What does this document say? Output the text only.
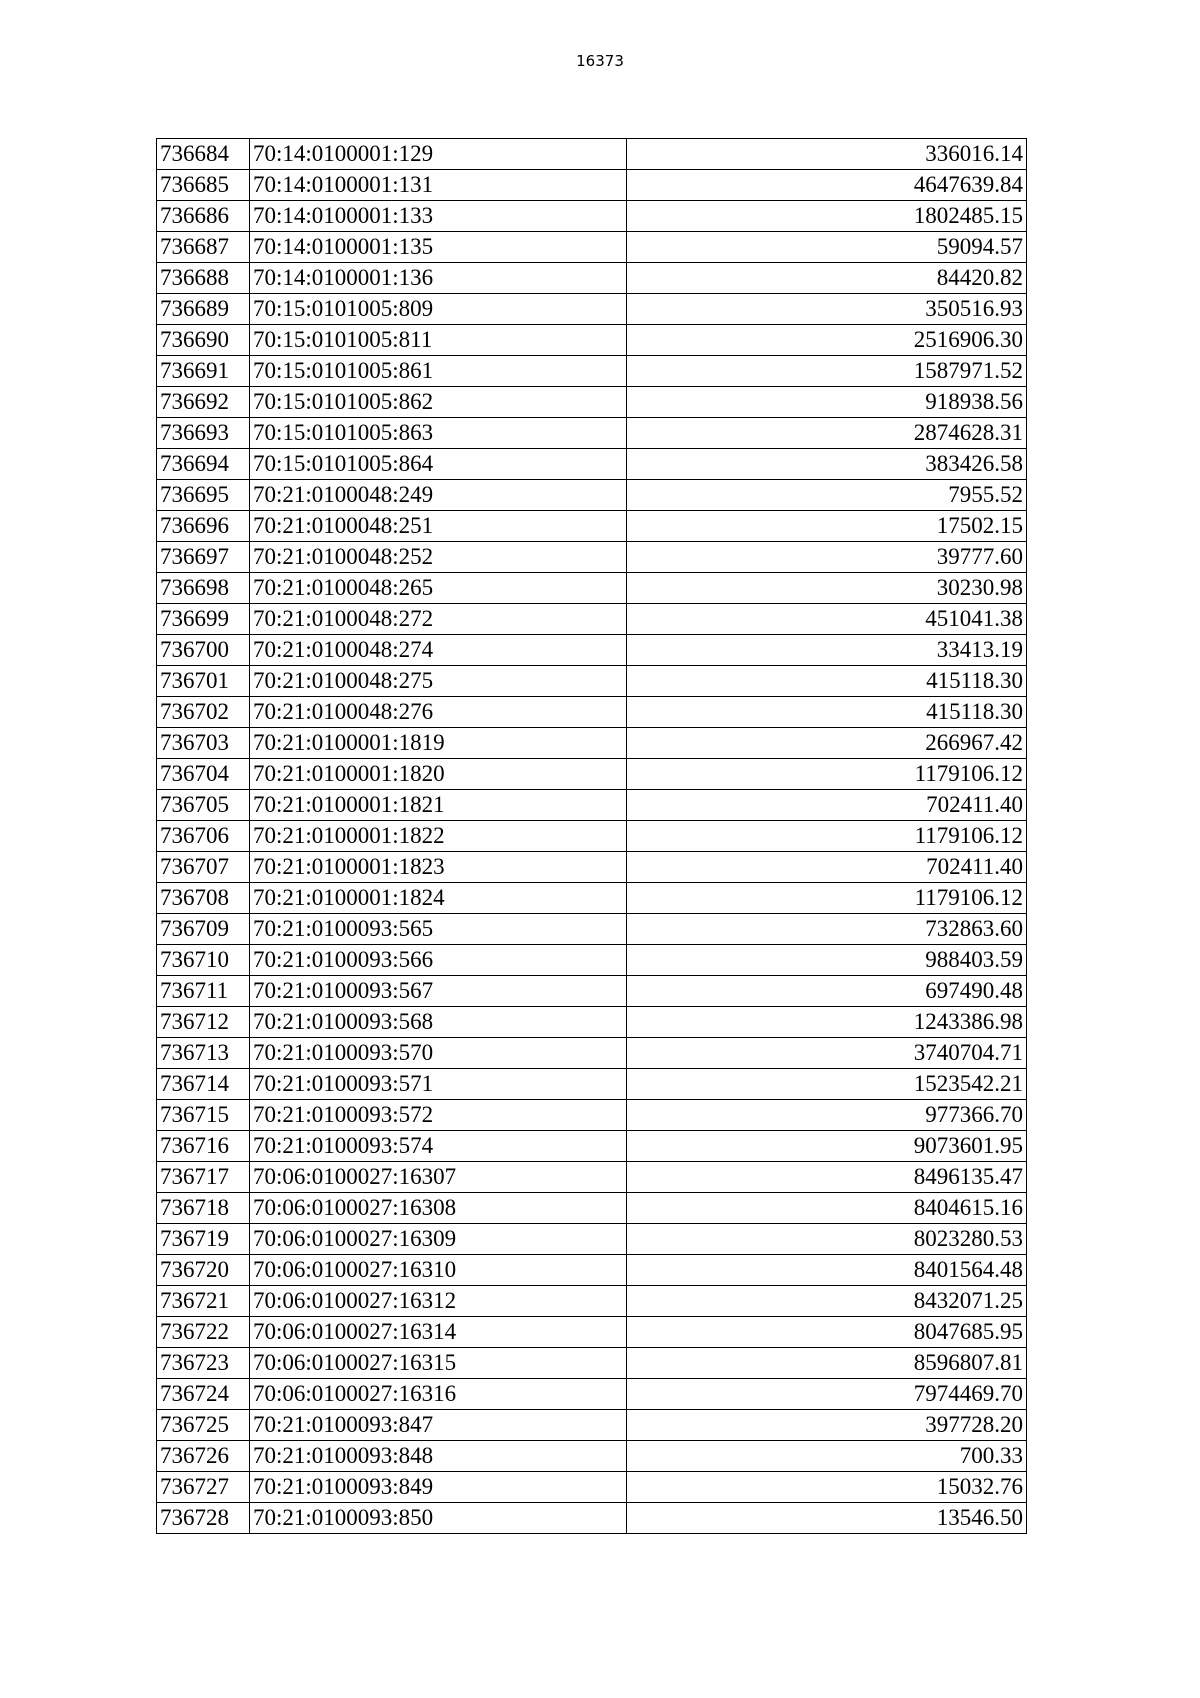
16373
736684	70:14:0100001:129	336016.14
736685	70:14:0100001:131	4647639.84
736686	70:14:0100001:133	1802485.15
736687	70:14:0100001:135	59094.57
736688	70:14:0100001:136	84420.82
736689	70:15:0101005:809	350516.93
736690	70:15:0101005:811	2516906.30
736691	70:15:0101005:861	1587971.52
736692	70:15:0101005:862	918938.56
736693	70:15:0101005:863	2874628.31
736694	70:15:0101005:864	383426.58
736695	70:21:0100048:249	7955.52
736696	70:21:0100048:251	17502.15
736697	70:21:0100048:252	39777.60
736698	70:21:0100048:265	30230.98
736699	70:21:0100048:272	451041.38
736700	70:21:0100048:274	33413.19
736701	70:21:0100048:275	415118.30
736702	70:21:0100048:276	415118.30
736703	70:21:0100001:1819	266967.42
736704	70:21:0100001:1820	1179106.12
736705	70:21:0100001:1821	702411.40
736706	70:21:0100001:1822	1179106.12
736707	70:21:0100001:1823	702411.40
736708	70:21:0100001:1824	1179106.12
736709	70:21:0100093:565	732863.60
736710	70:21:0100093:566	988403.59
736711	70:21:0100093:567	697490.48
736712	70:21:0100093:568	1243386.98
736713	70:21:0100093:570	3740704.71
736714	70:21:0100093:571	1523542.21
736715	70:21:0100093:572	977366.70
736716	70:21:0100093:574	9073601.95
736717	70:06:0100027:16307	8496135.47
736718	70:06:0100027:16308	8404615.16
736719	70:06:0100027:16309	8023280.53
736720	70:06:0100027:16310	8401564.48
736721	70:06:0100027:16312	8432071.25
736722	70:06:0100027:16314	8047685.95
736723	70:06:0100027:16315	8596807.81
736724	70:06:0100027:16316	7974469.70
736725	70:21:0100093:847	397728.20
736726	70:21:0100093:848	700.33
736727	70:21:0100093:849	15032.76
736728	70:21:0100093:850	13546.50
